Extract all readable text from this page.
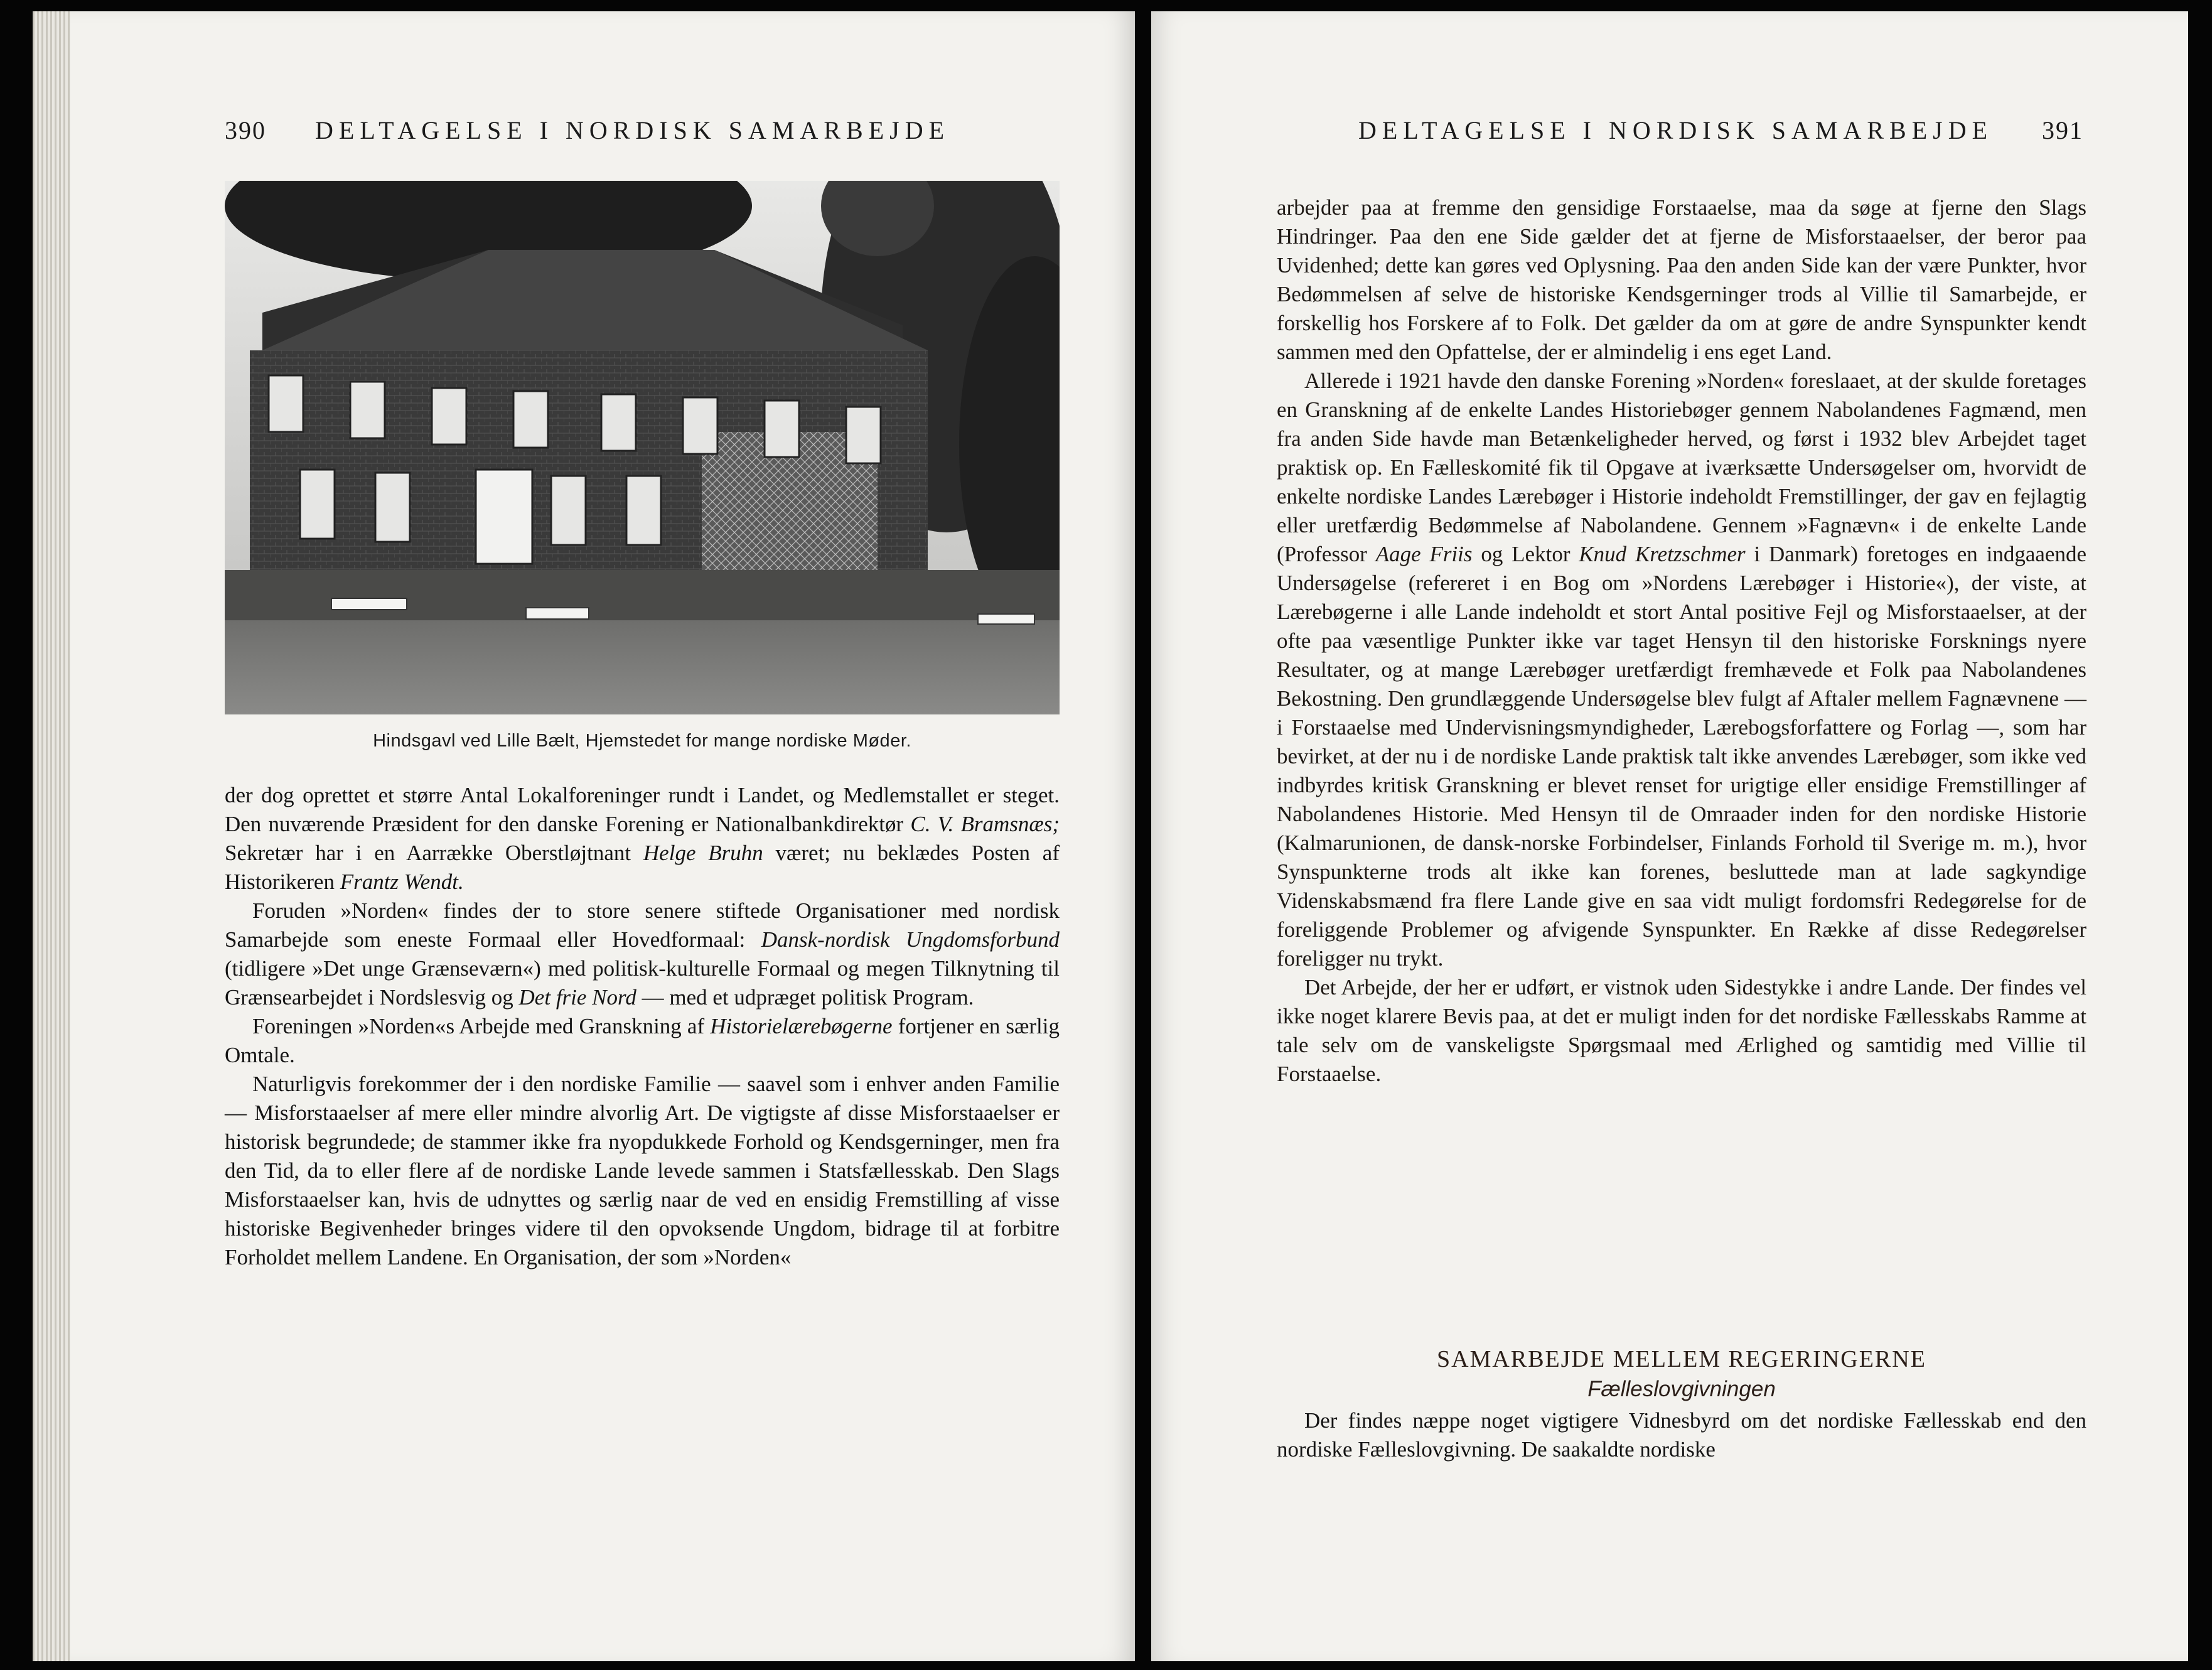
390 DELTAGELSE I NORDISK SAMARBEJDE
Hindsgavl ved Lille Bælt, Hjemstedet for mange nordiske Møder.

der dog oprettet et større Antal Lokalforeninger rundt i Landet, og Medlemstallet er steget. Den nuværende Præsident for den danske Forening er Nationalbankdirektør C. V. Bramsnæs; Sekretær har i en Aarrække Oberstløjtnant Helge Bruhn været; nu beklædes Posten af Historikeren Frantz Wendt.

Foruden »Norden« findes der to store senere stiftede Organisationer med nordisk Samarbejde som eneste Formaal eller Hovedformaal: Dansk-nordisk Ungdomsforbund (tidligere »Det unge Grænseværn«) med politisk-kulturelle Formaal og megen Tilknytning til Grænsearbejdet i Nordslesvig og Det frie Nord — med et udpræget politisk Program.

Foreningen »Norden«s Arbejde med Granskning af Historielærebøgerne fortjener en særlig Omtale.

Naturligvis forekommer der i den nordiske Familie — saavel som i enhver anden Familie — Misforstaaelser af mere eller mindre alvorlig Art. De vigtigste af disse Misforstaaelser er historisk begrundede; de stammer ikke fra nyopdukkede Forhold og Kendsgerninger, men fra den Tid, da to eller flere af de nordiske Lande levede sammen i Statsfællesskab. Den Slags Misforstaaelser kan, hvis de udnyttes og særlig naar de ved en ensidig Fremstilling af visse historiske Begivenheder bringes videre til den opvoksende Ungdom, bidrage til at forbitre Forholdet mellem Landene. En Organisation, der som »Norden«

DELTAGELSE I NORDISK SAMARBEJDE 391

arbejder paa at fremme den gensidige Forstaaelse, maa da søge at fjerne den Slags Hindringer. Paa den ene Side gælder det at fjerne de Misforstaaelser, der beror paa Uvidenhed; dette kan gøres ved Oplysning. Paa den anden Side kan der være Punkter, hvor Bedømmelsen af selve de historiske Kendsgerninger trods al Villie til Samarbejde, er forskellig hos Forskere af to Folk. Det gælder da om at gøre de andre Synspunkter kendt sammen med den Opfattelse, der er almindelig i ens eget Land.

Allerede i 1921 havde den danske Forening »Norden« foreslaaet, at der skulde foretages en Granskning af de enkelte Landes Historiebøger gennem Nabolandenes Fagmænd, men fra anden Side havde man Betænkeligheder herved, og først i 1932 blev Arbejdet taget praktisk op. En Fælleskomité fik til Opgave at iværksætte Undersøgelser om, hvorvidt de enkelte nordiske Landes Lærebøger i Historie indeholdt Fremstillinger, der gav en fejlagtig eller uretfærdig Bedømmelse af Nabolandene. Gennem »Fagnævn« i de enkelte Lande (Professor Aage Friis og Lektor Knud Kretzschmer i Danmark) foretoges en indgaaende Undersøgelse (refereret i en Bog om »Nordens Lærebøger i Historie«), der viste, at Lærebøgerne i alle Lande indeholdt et stort Antal positive Fejl og Misforstaaelser, at der ofte paa væsentlige Punkter ikke var taget Hensyn til den historiske Forsknings nyere Resultater, og at mange Lærebøger uretfærdigt fremhævede et Folk paa Nabolandenes Bekostning. Den grundlæggende Undersøgelse blev fulgt af Aftaler mellem Fagnævnene — i Forstaaelse med Undervisningsmyndigheder, Lærebogsforfattere og Forlag —, som har bevirket, at der nu i de nordiske Lande praktisk talt ikke anvendes Lærebøger, som ikke ved indbyrdes kritisk Granskning er blevet renset for urigtige eller ensidige Fremstillinger af Nabolandenes Historie. Med Hensyn til de Omraader inden for den nordiske Historie (Kalmarunionen, de dansk-norske Forbindelser, Finlands Forhold til Sverige m. m.), hvor Synspunkterne trods alt ikke kan forenes, besluttede man at lade sagkyndige Videnskabsmænd fra flere Lande give en saa vidt muligt fordomsfri Redegørelse for de foreliggende Problemer og afvigende Synspunkter. En Række af disse Redegørelser foreligger nu trykt.

Det Arbejde, der her er udført, er vistnok uden Sidestykke i andre Lande. Der findes vel ikke noget klarere Bevis paa, at det er muligt inden for det nordiske Fællesskabs Ramme at tale selv om de vanskeligste Spørgsmaal med Ærlighed og samtidig med Villie til Forstaaelse.

SAMARBEJDE MELLEM REGERINGERNE
Fælleslovgivningen

Der findes næppe noget vigtigere Vidnesbyrd om det nordiske Fællesskab end den nordiske Fælleslovgivning. De saakaldte nordiske
